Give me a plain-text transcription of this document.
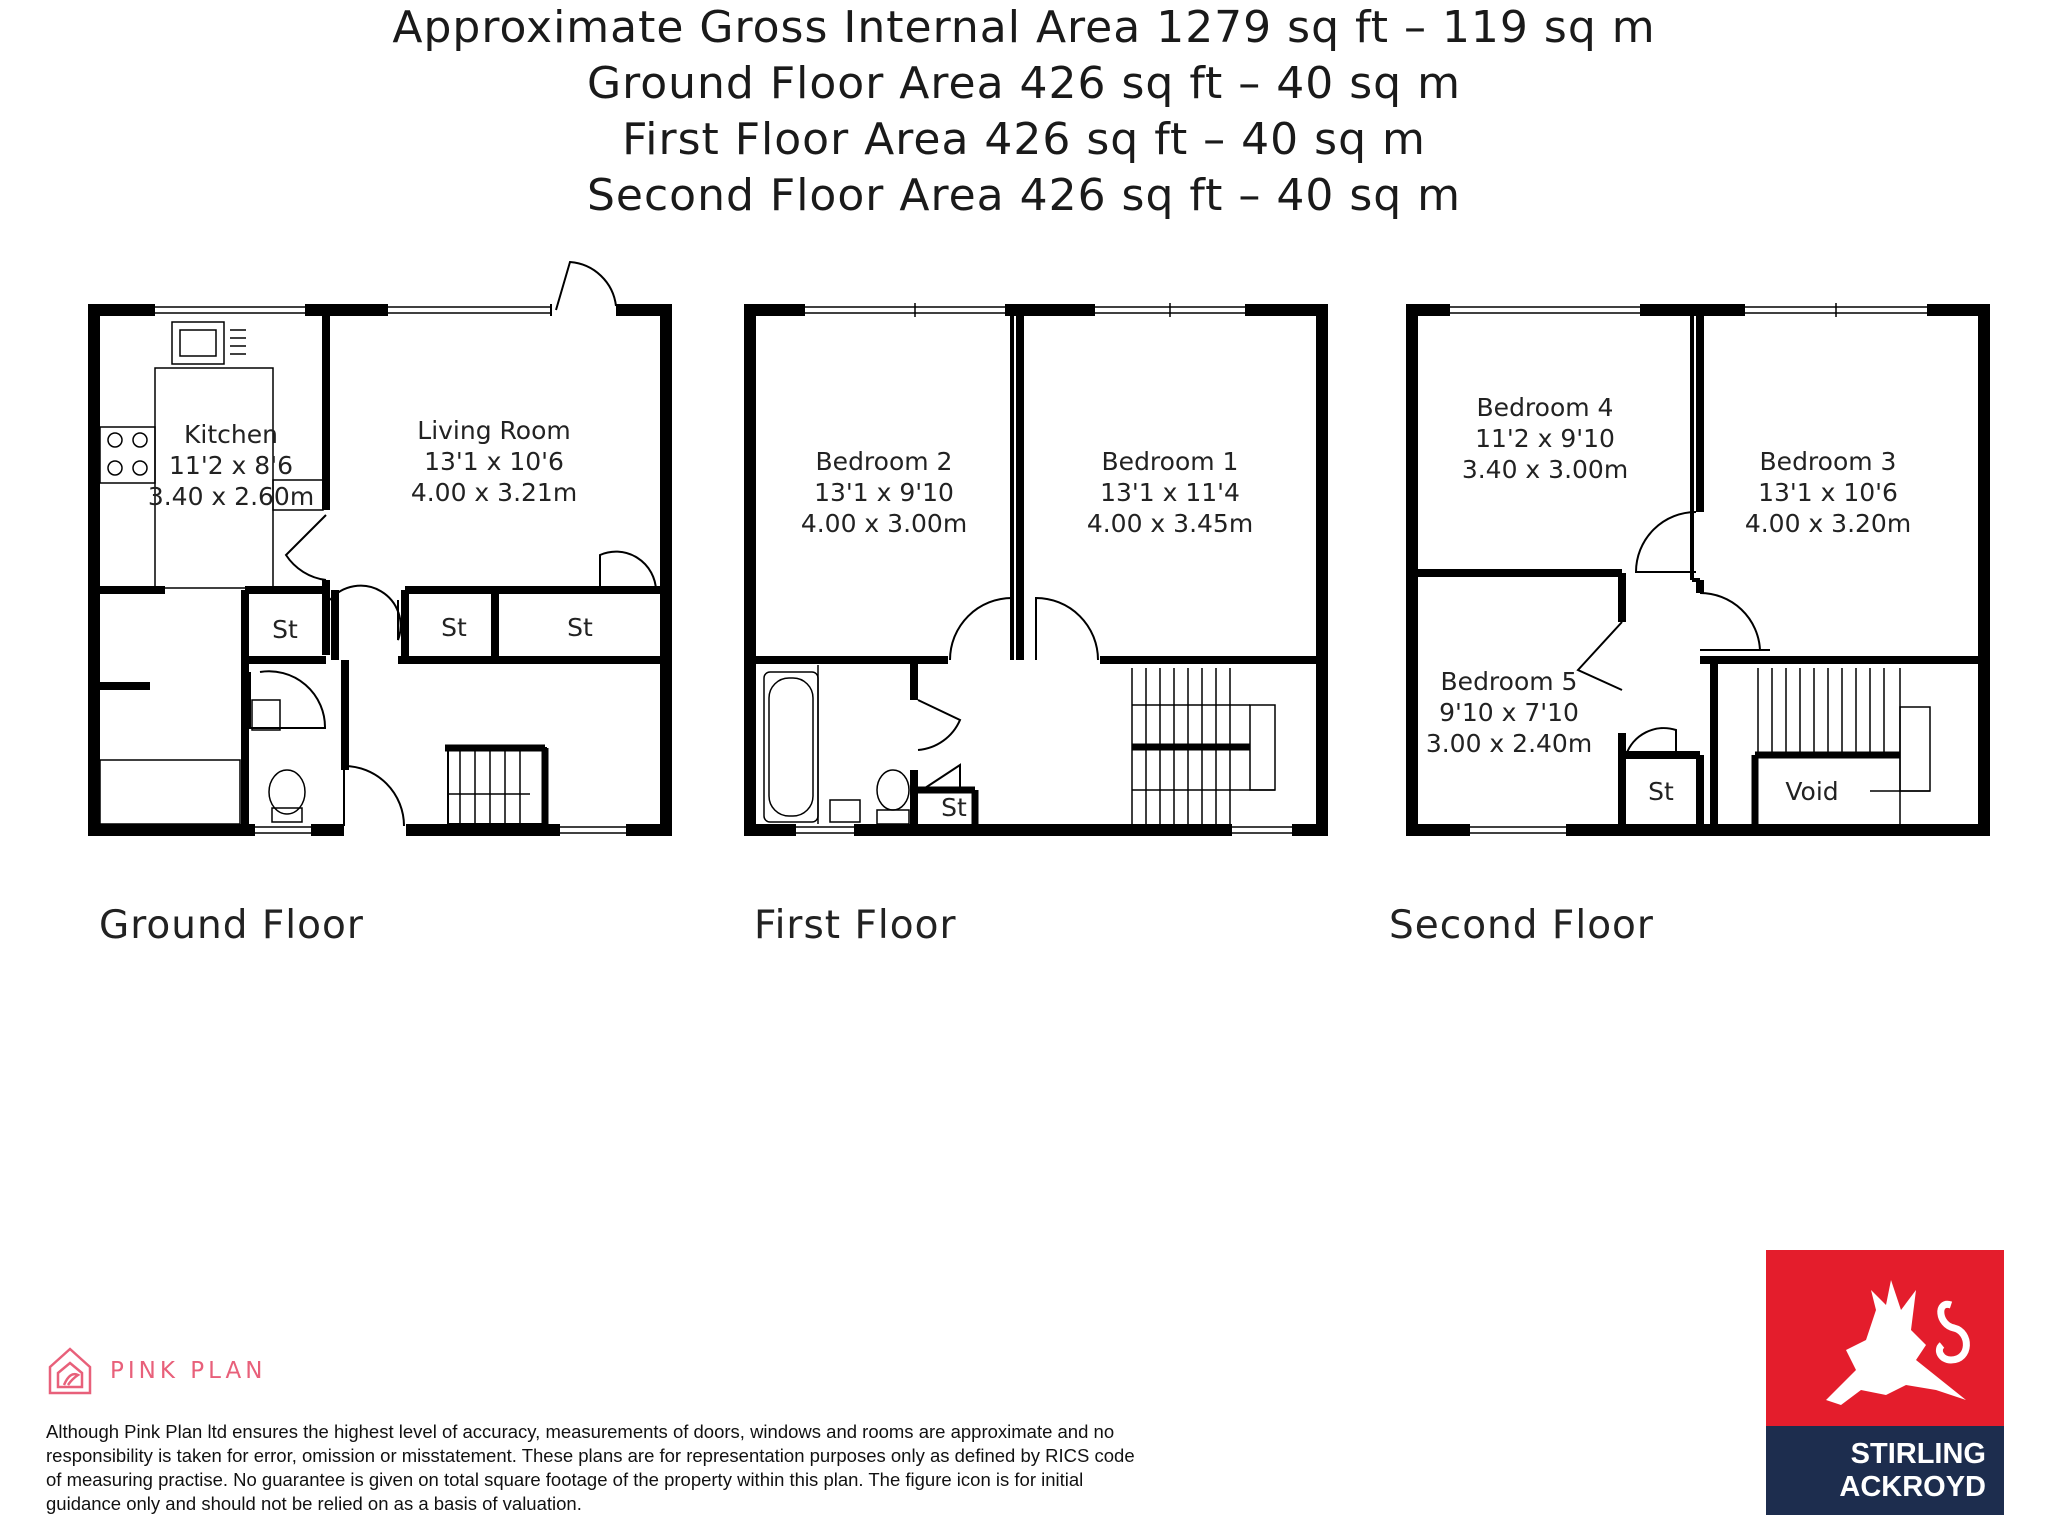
Approximate Gross Internal Area 1279 sq ft – 119 sq m
Ground Floor Area 426 sq ft – 40 sq m
First Floor Area 426 sq ft – 40 sq m
Second Floor Area 426 sq ft – 40 sq m
Kitchen
11'2 x 8'6
3.40 x 2.60m
Living Room
13'1 x 10'6
4.00 x 3.21m
St	St	St
Ground Floor
Bedroom 2
13'1 x 9'10
4.00 x 3.00m
Bedroom 1
13'1 x 11'4
4.00 x 3.45m
St
First Floor
Bedroom 4
11'2 x 9'10
3.40 x 3.00m	Bedroom 3
13'1 x 10'6
4.00 x 3.20m
Bedroom 5
9'10 x 7'10
3.00 x 2.40m
St	Void
Second Floor
PINK PLAN
Although Pink Plan ltd ensures the highest level of accuracy, measurements of doors, windows and rooms are approximate and no responsibility is taken for error, omission or misstatement. These plans are for representation purposes only as defined by RICS code of measuring practise. No guarantee is given on total square footage of the property within this plan. The figure icon is for initial guidance only and should not be relied on as a basis of valuation.
STIRLING
ACKROYD
